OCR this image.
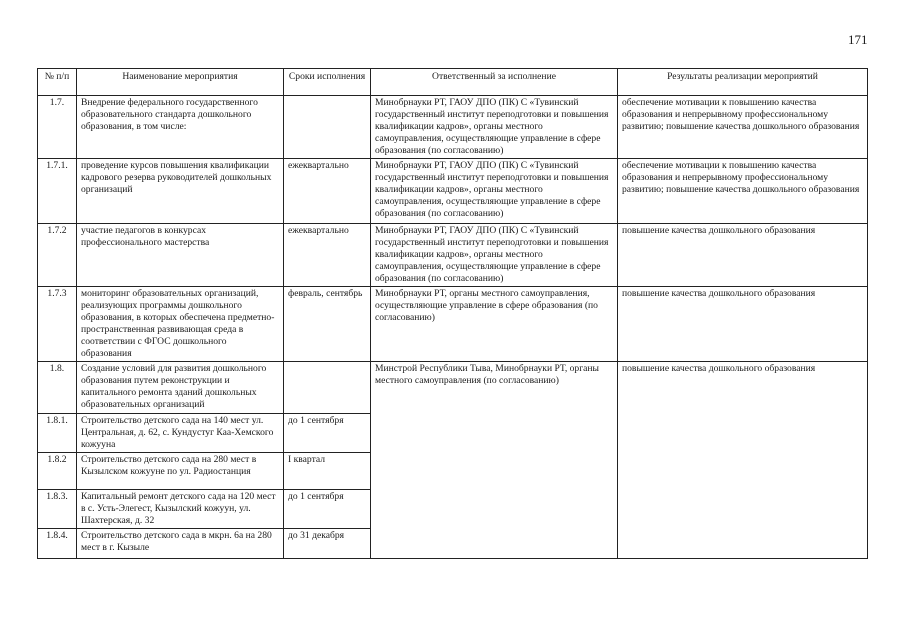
171
№ п/п	Наименование мероприятия	Сроки исполнения	Ответственный за исполнение	Результаты реализации мероприятий
1.7.	Внедрение федерального государственного образовательного стандарта дошкольного образования, в том числе:		Минобрнауки РТ, ГАОУ ДПО (ПК) С «Тувинский государственный институт переподготовки и повышения квалификации кадров», органы местного самоуправления, осуществляющие управление в сфере образования (по согласованию)	обеспечение мотивации к повышению качества образования и непрерывному профессиональному развитию; повышение качества дошкольного образования
1.7.1.	проведение курсов повышения квалификации кадрового резерва руководителей дошкольных организаций	ежеквартально	Минобрнауки РТ, ГАОУ ДПО (ПК) С «Тувинский государственный институт переподготовки и повышения квалификации кадров», органы местного самоуправления, осуществляющие управление в сфере образования (по согласованию)	обеспечение мотивации к повышению качества образования и непрерывному профессиональному развитию; повышение качества дошкольного образования
1.7.2	участие педагогов в конкурсах профессионального мастерства	ежеквартально	Минобрнауки РТ, ГАОУ ДПО (ПК) С «Тувинский государственный институт переподготовки и повышения квалификации кадров», органы местного самоуправления, осуществляющие управление в сфере образования (по согласованию)	повышение качества дошкольного образования
1.7.3	мониторинг образовательных организаций, реализующих программы дошкольного образования, в которых обеспечена предметно-пространственная развивающая среда в соответствии с ФГОС дошкольного образования	февраль, сентябрь	Минобрнауки РТ, органы местного самоуправления, осуществляющие управление в сфере образования (по согласованию)	повышение качества дошкольного образования
1.8.	Создание условий для развития дошкольного образования путем реконструкции и капитального ремонта зданий дошкольных образовательных организаций		Минстрой Республики Тыва, Минобрнауки РТ, органы местного самоуправления (по согласованию)	повышение качества дошкольного образования
1.8.1.	Строительство детского сада на 140 мест ул. Центральная, д. 62, с. Кундустуг Каа-Хемского кожууна	до 1 сентября		
1.8.2	Строительство детского сада на 280 мест в Кызылском кожууне по ул. Радиостанция	I квартал		
1.8.3.	Капитальный ремонт детского сада на 120 мест в с. Усть-Элегест, Кызылский кожуун, ул. Шахтерская, д. 32	до 1 сентября		
1.8.4.	Строительство детского сада в мкрн. 6а на 280 мест в г. Кызыле	до 31 декабря		
